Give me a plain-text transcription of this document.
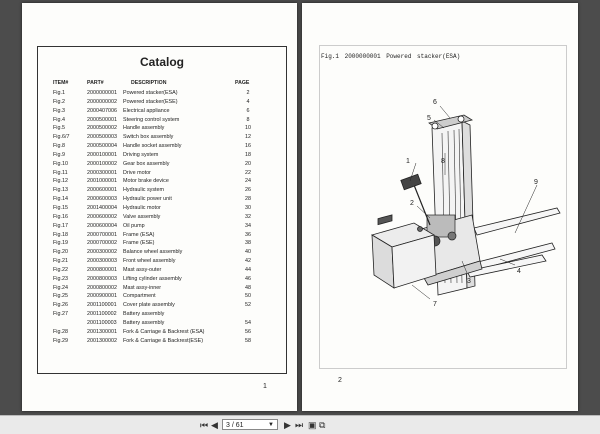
Catalog
ITEM#	PART#	DESCRIPTION	PAGE
Fig.1	2000000001 Powered stacker(ESA)	2
Fig.2	2000000002 Powered stacker(ESE)	4
Fig.3	2000407006 Electrical appliance	6
Fig.4	2000500001 Steering control system	8
Fig.5	2000500002 Handle assembly	10
Fig.6/7	2000500003 Switch box assembly	12
Fig.8	2000500004 Handle socket assembly	16
Fig.9	2000100001 Driving system	18
Fig.10	2000100002 Gear box assembly	20
Fig.11	2000300001 Drive motor	22
Fig.12	2001000001 Motor brake device	24
Fig.13	2000600001 Hydraulic system	26
Fig.14	2000600003 Hydraulic power unit	28
Fig.15	2001400004 Hydraulic motor	30
Fig.16	2000600002 Valve assembly	32
Fig.17	2000600004 Oil pump	34
Fig.18	2000700001 Frame (ESA)	36
Fig.19	2000700002 Frame (ESE)	38
Fig.20	2000300002 Balance wheel assembly	40
Fig.21	2000300003 Front wheel assembly	42
Fig.22	2000800001 Mast assy-outer	44
Fig.23	2000800003 Lifting cylinder assembly	46
Fig.24	2000800002 Mast assy-inner	48
Fig.25	2000900001 Compartment	50
Fig.26	2001100001 Cover plate assembly	52
Fig.27	2001100002 Battery assembly
2001100003 Battery assembly	54
Fig.28	2001300001 Fork & Carriage & Backrest (ESA)	56
Fig.29	2001300002 Fork & Carriage & Backrest(ESE)	58
1
Fig.1 2000000001 Powered stacker(ESA)
6
5
1	8
9
2
3
4
7
2
⏮ ◀	3 / 61	▼ ▶ ⏭ ▣ ⧉
